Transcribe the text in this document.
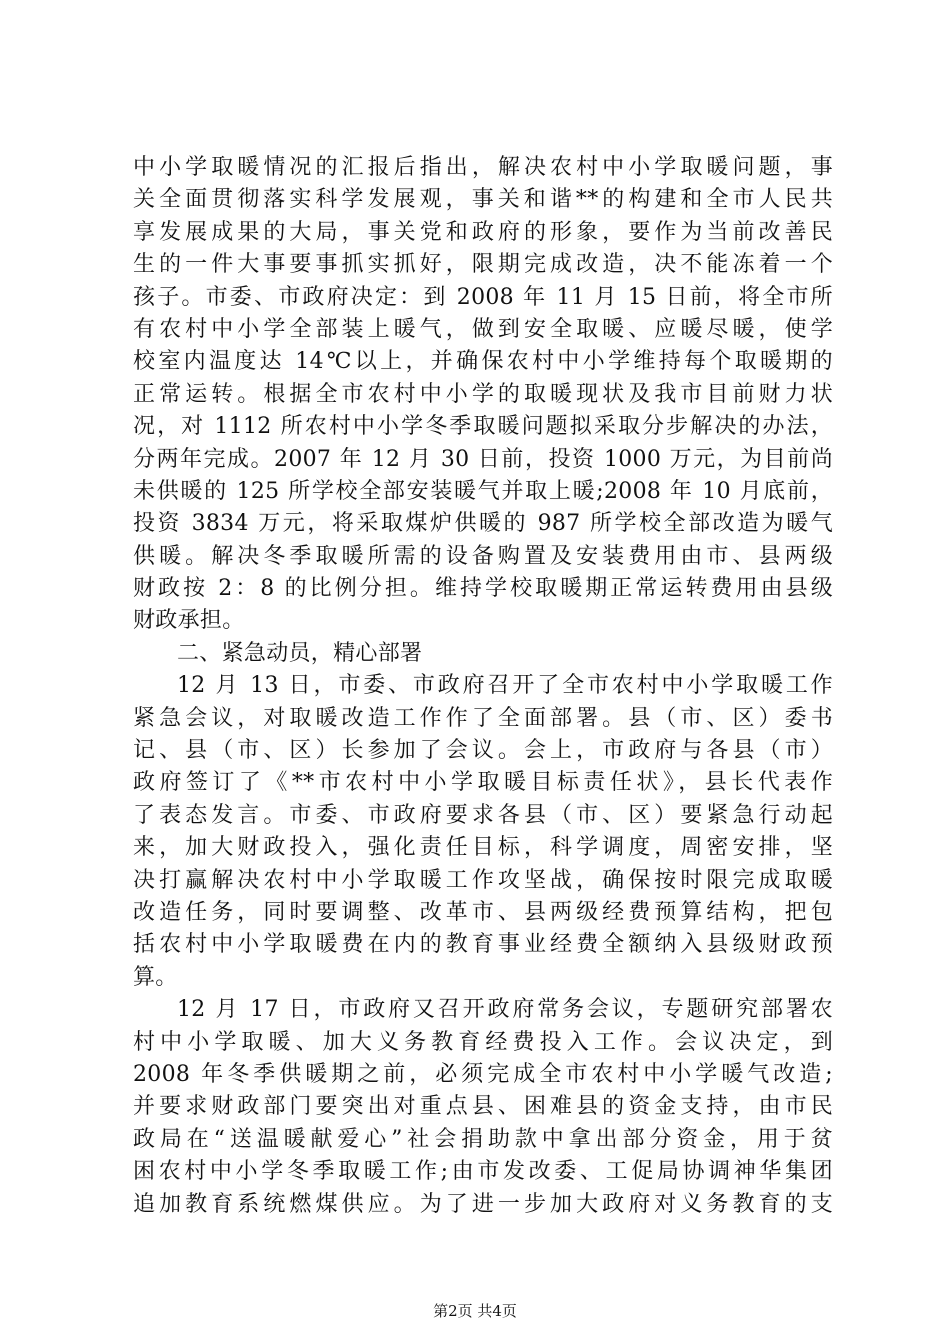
中小学取暖情况的汇报后指出，解决农村中小学取暖问题，事
关全面贯彻落实科学发展观，事关和谐**的构建和全市人民共
享发展成果的大局，事关党和政府的形象，要作为当前改善民
生的一件大事要事抓实抓好，限期完成改造，决不能冻着一个
孩子。市委、市政府决定：到 2008 年 11 月 15 日前，将全市所
有农村中小学全部装上暖气，做到安全取暖、应暖尽暖，使学
校室内温度达 14℃以上，并确保农村中小学维持每个取暖期的
正常运转。根据全市农村中小学的取暖现状及我市目前财力状
况，对 1112 所农村中小学冬季取暖问题拟采取分步解决的办法，
分两年完成。2007 年 12 月 30 日前，投资 1000 万元，为目前尚
未供暖的 125 所学校全部安装暖气并取上暖;2008 年 10 月底前，
投资 3834 万元，将采取煤炉供暖的 987 所学校全部改造为暖气
供暖。解决冬季取暖所需的设备购置及安装费用由市、县两级
财政按 2：8 的比例分担。维持学校取暖期正常运转费用由县级
财政承担。
二、紧急动员，精心部署
12 月 13 日，市委、市政府召开了全市农村中小学取暖工作
紧急会议，对取暖改造工作作了全面部署。县（市、区）委书
记、县（市、区）长参加了会议。会上，市政府与各县（市）
政府签订了《**市农村中小学取暖目标责任状》，县长代表作
了表态发言。市委、市政府要求各县（市、区）要紧急行动起
来，加大财政投入，强化责任目标，科学调度，周密安排，坚
决打赢解决农村中小学取暖工作攻坚战，确保按时限完成取暖
改造任务，同时要调整、改革市、县两级经费预算结构，把包
括农村中小学取暖费在内的教育事业经费全额纳入县级财政预
算。
12 月 17 日，市政府又召开政府常务会议，专题研究部署农
村中小学取暖、加大义务教育经费投入工作。会议决定，到
2008 年冬季供暖期之前，必须完成全市农村中小学暖气改造;
并要求财政部门要突出对重点县、困难县的资金支持，由市民
政局在“送温暖献爱心”社会捐助款中拿出部分资金，用于贫
困农村中小学冬季取暖工作;由市发改委、工促局协调神华集团
追加教育系统燃煤供应。为了进一步加大政府对义务教育的支
第2页 共4页
